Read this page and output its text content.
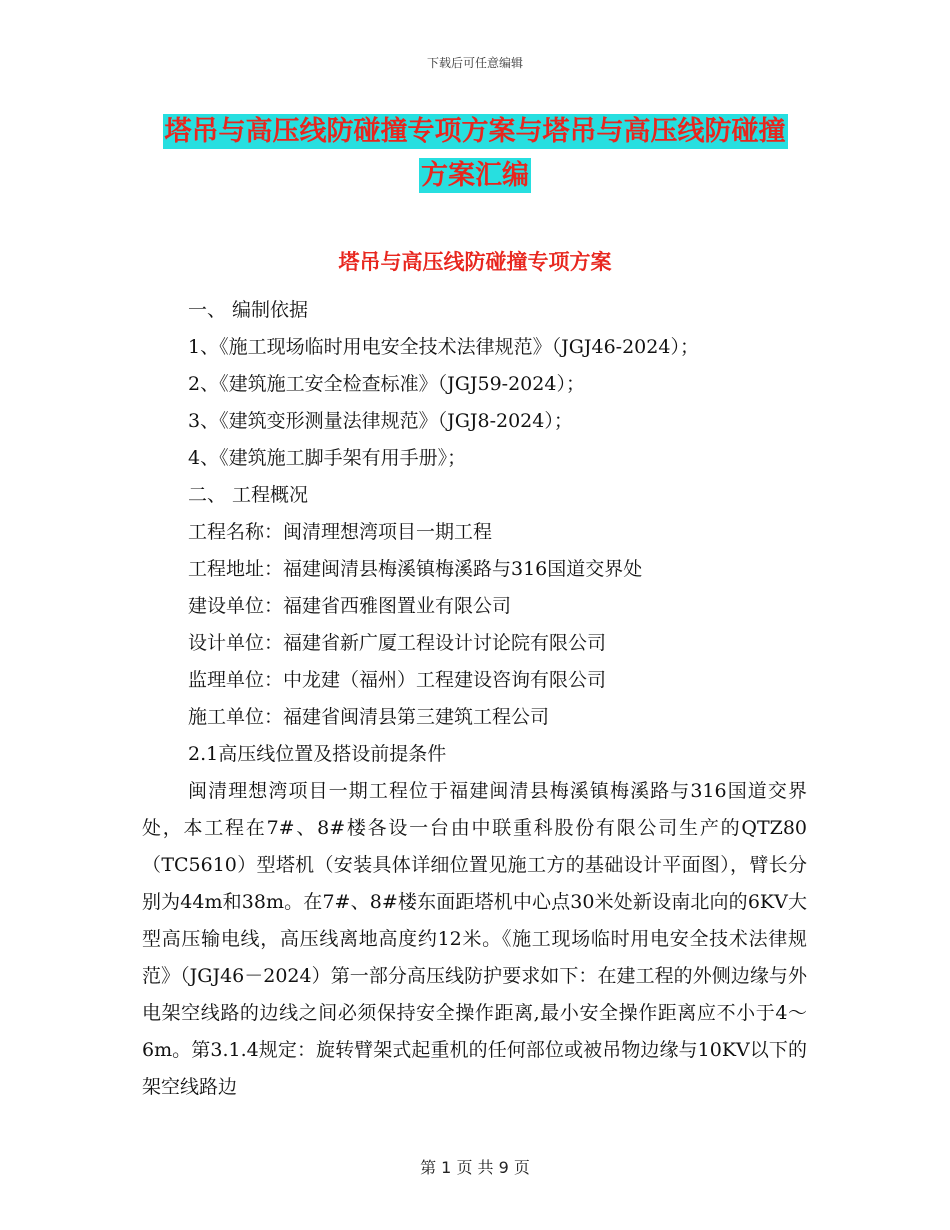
下载后可任意编辑
塔吊与高压线防碰撞专项方案与塔吊与高压线防碰撞
方案汇编
塔吊与高压线防碰撞专项方案
一、 编制依据
1、《施工现场临时用电安全技术法律规范》（JGJ46-2024）；
2、《建筑施工安全检查标准》（JGJ59-2024）；
3、《建筑变形测量法律规范》（JGJ8-2024）；
4、《建筑施工脚手架有用手册》；
二、 工程概况
工程名称：闽清理想湾项目一期工程
工程地址：福建闽清县梅溪镇梅溪路与316国道交界处
建设单位：福建省西雅图置业有限公司
设计单位：福建省新广厦工程设计讨论院有限公司
监理单位：中龙建（福州）工程建设咨询有限公司
施工单位：福建省闽清县第三建筑工程公司
2.1高压线位置及搭设前提条件
闽清理想湾项目一期工程位于福建闽清县梅溪镇梅溪路与316国道交界处，本工程在7#、8#楼各设一台由中联重科股份有限公司生产的QTZ80（TC5610）型塔机（安装具体详细位置见施工方的基础设计平面图），臂长分别为44m和38m。在7#、8#楼东面距塔机中心点30米处新设南北向的6KV大型高压输电线，高压线离地高度约12米。《施工现场临时用电安全技术法律规范》（JGJ46－2024）第一部分高压线防护要求如下：在建工程的外侧边缘与外电架空线路的边线之间必须保持安全操作距离,最小安全操作距离应不小于4～6m。第3.1.4规定：旋转臂架式起重机的任何部位或被吊物边缘与10KV以下的架空线路边
第 1 页 共 9 页
